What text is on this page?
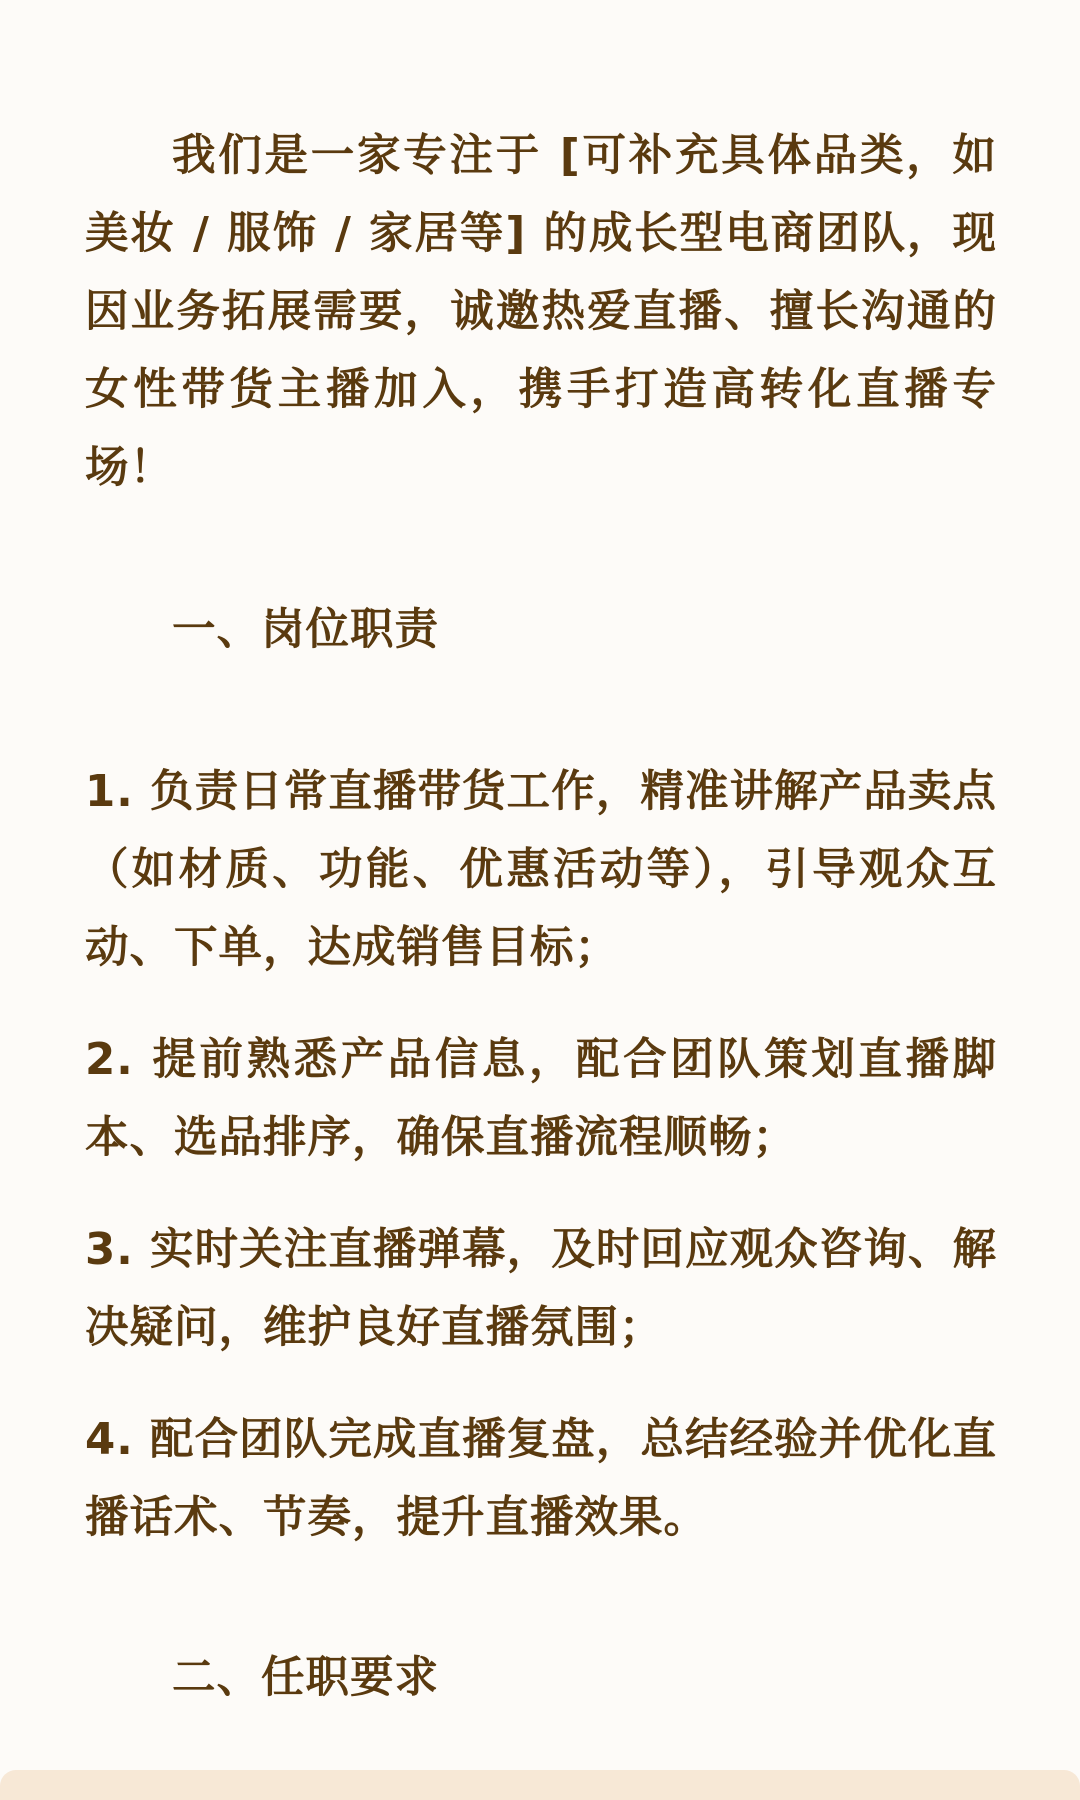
我们是一家专注于 [可补充具体品类，如美妆 / 服饰 / 家居等] 的成长型电商团队，现因业务拓展需要，诚邀热爱直播、擅长沟通的女性带货主播加入，携手打造高转化直播专场！

一、岗位职责

1. 负责日常直播带货工作，精准讲解产品卖点（如材质、功能、优惠活动等），引导观众互动、下单，达成销售目标；

2. 提前熟悉产品信息，配合团队策划直播脚本、选品排序，确保直播流程顺畅；

3. 实时关注直播弹幕，及时回应观众咨询、解决疑问，维护良好直播氛围；

4. 配合团队完成直播复盘，总结经验并优化直播话术、节奏，提升直播效果。

二、任职要求
